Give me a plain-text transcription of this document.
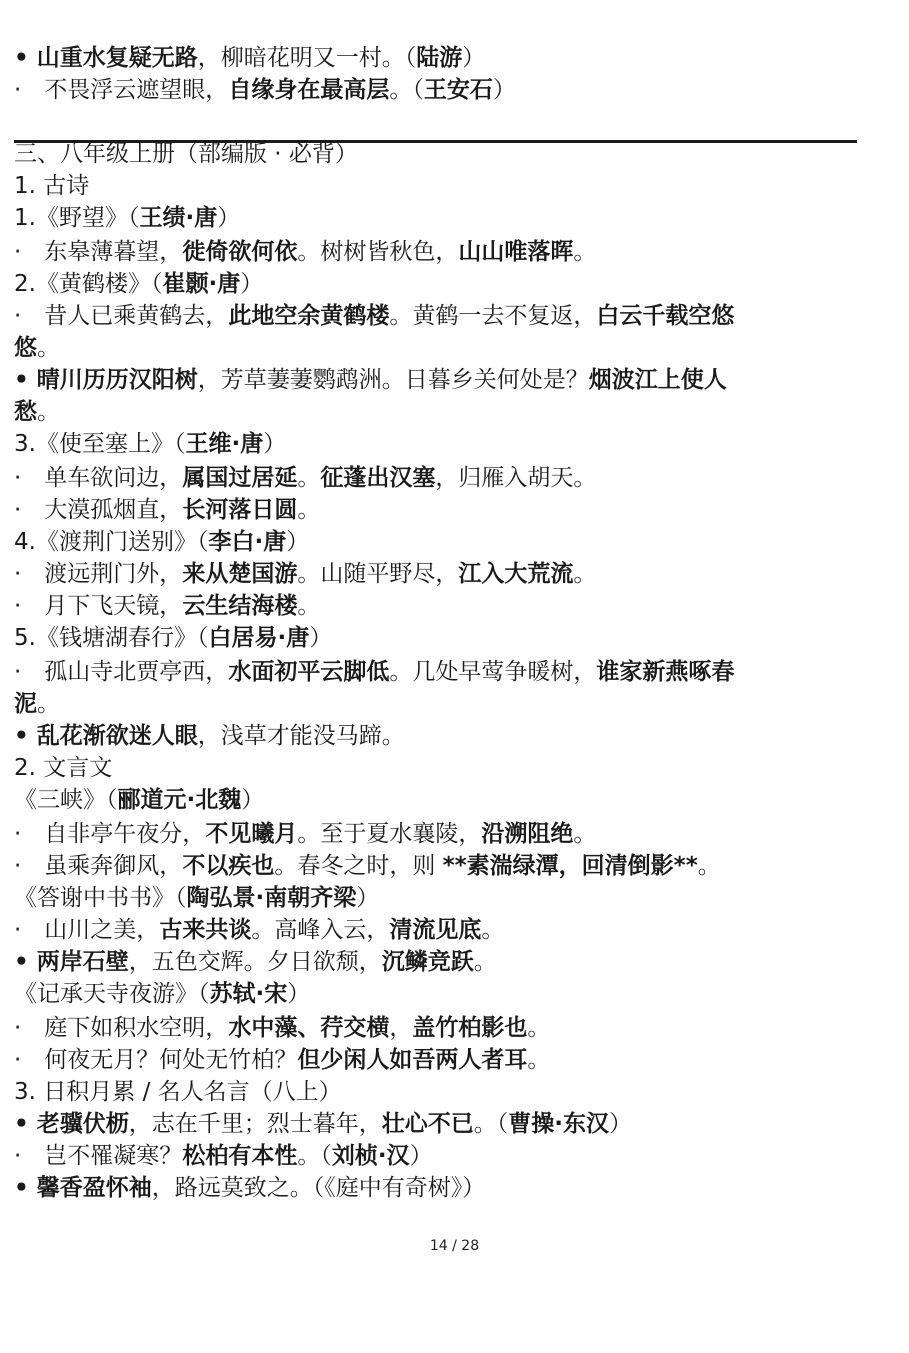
• 山重水复疑无路，柳暗花明又一村。（陆游）
·　不畏浮云遮望眼，自缘身在最高层。（王安石）
三、八年级上册（部编版 · 必背）
1. 古诗
1.《野望》（王绩·唐）
·　东皋薄暮望，徙倚欲何依。树树皆秋色，山山唯落晖。
2.《黄鹤楼》（崔颢·唐）
·　昔人已乘黄鹤去，此地空余黄鹤楼。黄鹤一去不复返，白云千载空悠
悠。
• 晴川历历汉阳树，芳草萋萋鹦鹉洲。日暮乡关何处是？烟波江上使人
愁。
3.《使至塞上》（王维·唐）
·　单车欲问边，属国过居延。征蓬出汉塞，归雁入胡天。
·　大漠孤烟直，长河落日圆。
4.《渡荆门送别》（李白·唐）
·　渡远荆门外，来从楚国游。山随平野尽，江入大荒流。
·　月下飞天镜，云生结海楼。
5.《钱塘湖春行》（白居易·唐）
·　孤山寺北贾亭西，水面初平云脚低。几处早莺争暖树，谁家新燕啄春
泥。
• 乱花渐欲迷人眼，浅草才能没马蹄。
2. 文言文
《三峡》（郦道元·北魏）
·　自非亭午夜分，不见曦月。至于夏水襄陵，沿溯阻绝。
·　虽乘奔御风，不以疾也。春冬之时，则 **素湍绿潭，回清倒影**。
《答谢中书书》（陶弘景·南朝齐梁）
·　山川之美，古来共谈。高峰入云，清流见底。
• 两岸石壁，五色交辉。夕日欲颓，沉鳞竞跃。
《记承天寺夜游》（苏轼·宋）
·　庭下如积水空明，水中藻、荇交横，盖竹柏影也。
·　何夜无月？何处无竹柏？但少闲人如吾两人者耳。
3. 日积月累 / 名人名言（八上）
• 老骥伏枥，志在千里；烈士暮年，壮心不已。（曹操·东汉）
·　岂不罹凝寒？松柏有本性。（刘桢·汉）
• 馨香盈怀袖，路远莫致之。（《庭中有奇树》）
14 / 28
